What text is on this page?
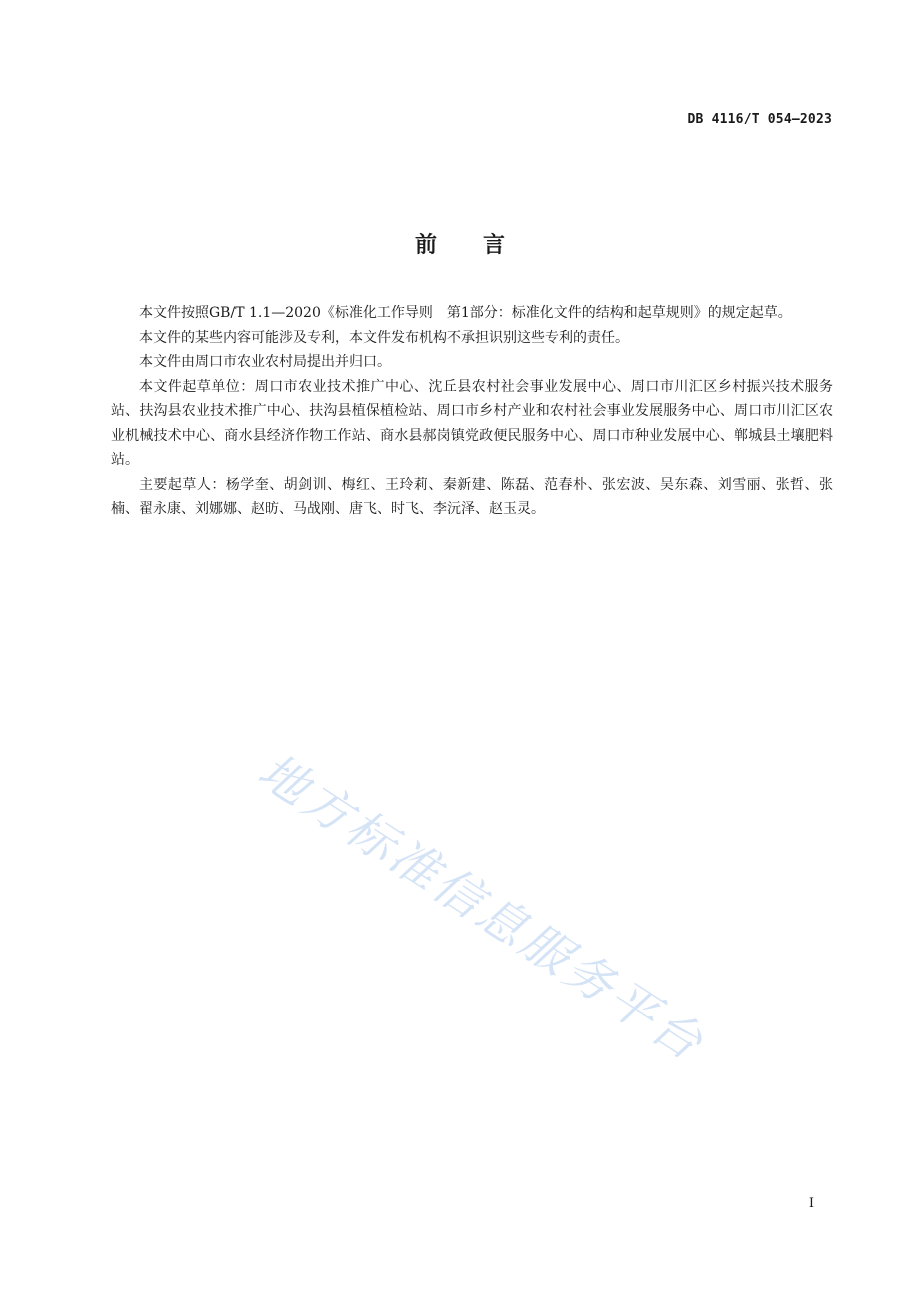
DB 4116/T 054—2023
前言

本文件按照GB/T 1.1—2020《标准化工作导则　第1部分：标准化文件的结构和起草规则》的规定起草。

本文件的某些内容可能涉及专利，本文件发布机构不承担识别这些专利的责任。

本文件由周口市农业农村局提出并归口。

本文件起草单位：周口市农业技术推广中心、沈丘县农村社会事业发展中心、周口市川汇区乡村振兴技术服务站、扶沟县农业技术推广中心、扶沟县植保植检站、周口市乡村产业和农村社会事业发展服务中心、周口市川汇区农业机械技术中心、商水县经济作物工作站、商水县郝岗镇党政便民服务中心、周口市种业发展中心、郸城县土壤肥料站。

主要起草人：杨学奎、胡剑训、梅红、王玲莉、秦新建、陈磊、范春朴、张宏波、吴东森、刘雪丽、张哲、张楠、翟永康、刘娜娜、赵昉、马战刚、唐飞、时飞、李沅泽、赵玉灵。

地方标准信息服务平台
I
